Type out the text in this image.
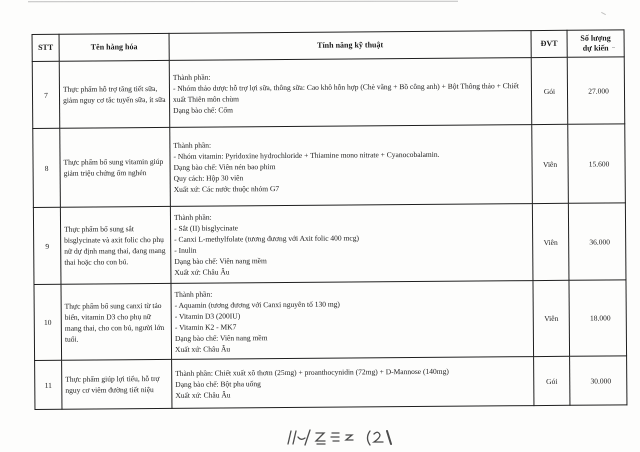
STT	Tên hàng hóa	Tính năng kỹ thuật	ĐVT	Số lượng
dự kiến
7	Thực phẩm hỗ trợ tăng tiết sữa, giảm nguy cơ tắc tuyến sữa, ít sữa	Thành phần:
- Nhóm thảo dược hỗ trợ lợi sữa, thông sữa: Cao khô hỗn hợp (Chè vằng + Bồ công anh) + Bột Thông thảo + Chiết xuất Thiên môn chùm
Dạng bào chế: Cốm	Gói	27.000
8	Thực phẩm bổ sung vitamin giúp giảm triệu chứng ốm nghén	Thành phần:
- Nhóm vitamin: Pyridoxine hydrochloride + Thiamine mono nitrate + Cyanocobalamin.
Dạng bào chế: Viên nén bao phim
Quy cách: Hộp 30 viên
Xuất xứ: Các nước thuộc nhóm G7	Viên	15.600
9	Thực phẩm bổ sung sắt bisglycinate và axit folic cho phụ nữ dự định mang thai, đang mang thai hoặc cho con bú.	Thành phần:
- Sắt (II) bisglycinate
- Canxi L-methylfolate (tương đương với Axit folic 400 mcg)
- Inulin
Dạng bào chế: Viên nang mềm
Xuất xứ: Châu Âu	Viên	36.000
10	Thực phẩm bổ sung canxi từ tảo biển, vitamin D3 cho phụ nữ mang thai, cho con bú, người lớn tuổi.	Thành phần:
- Aquamin (tương đương với Canxi nguyên tố 130 mg)
- Vitamin D3 (200IU)
- Vitamin K2 - MK7
Dạng bào chế: Viên nang mềm
Xuất xứ: Châu Âu	Viên	18.000
11	Thực phẩm giúp lợi tiểu, hỗ trợ nguy cơ viêm đường tiết niệu	Thành phần: Chiết xuất xô thơm (25mg) + proanthocynidin (72mg) + D-Mannose (140mg)
Dạng bào chế: Bột pha uống
Xuất xứ: Châu Âu	Gói	30.000
